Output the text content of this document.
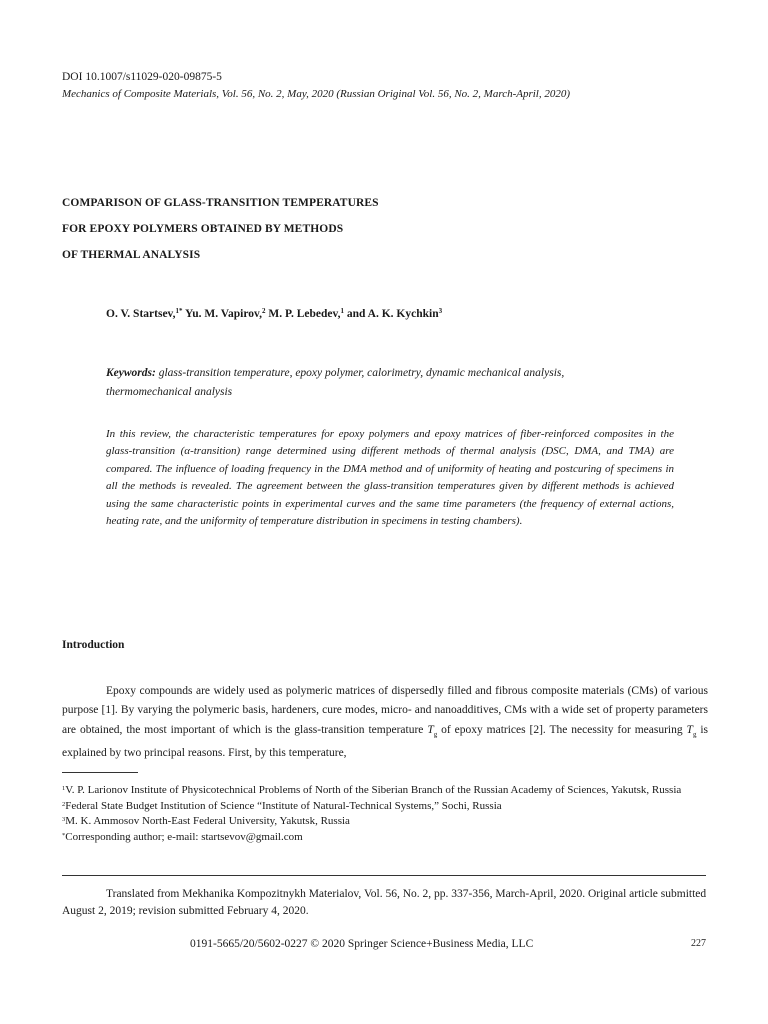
DOI 10.1007/s11029-020-09875-5
Mechanics of Composite Materials, Vol. 56, No. 2, May, 2020 (Russian Original Vol. 56, No. 2, March-April, 2020)
COMPARISON OF GLASS-TRANSITION TEMPERATURES
FOR EPOXY POLYMERS OBTAINED BY METHODS
OF THERMAL ANALYSIS
O. V. Startsev,$^{1*}$ Yu. M. Vapirov,$^2$ M. P. Lebedev,$^1$ and A. K. Kychkin$^3$
Keywords: glass-transition temperature, epoxy polymer, calorimetry, dynamic mechanical analysis, thermomechanical analysis
In this review, the characteristic temperatures for epoxy polymers and epoxy matrices of fiber-reinforced composites in the glass-transition (α-transition) range determined using different methods of thermal analysis (DSC, DMA, and TMA) are compared. The influence of loading frequency in the DMA method and of uniformity of heating and postcuring of specimens in all the methods is revealed. The agreement between the glass-transition temperatures given by different methods is achieved using the same characteristic points in experimental curves and the same time parameters (the frequency of external actions, heating rate, and the uniformity of temperature distribution in specimens in testing chambers).
Introduction

Epoxy compounds are widely used as polymeric matrices of dispersedly filled and fibrous composite materials (CMs) of various purpose [1]. By varying the polymeric basis, hardeners, cure modes, micro- and nanoadditives, CMs with a wide set of property parameters are obtained, the most important of which is the glass-transition temperature $T_g$ of epoxy matrices [2]. The necessity for measuring $T_g$ is explained by two principal reasons. First, by this temperature,

$^1$V. P. Larionov Institute of Physicotechnical Problems of North of the Siberian Branch of the Russian Academy of Sciences, Yakutsk, Russia
$^2$Federal State Budget Institution of Science “Institute of Natural-Technical Systems,” Sochi, Russia
$^3$M. K. Ammosov North-East Federal University, Yakutsk, Russia
*Corresponding author; e-mail: startsevov@gmail.com

Translated from Mekhanika Kompozitnykh Materialov, Vol. 56, No. 2, pp. 337-356, March-April, 2020. Original article submitted August 2, 2019; revision submitted February 4, 2020.

0191-5665/20/5602-0227 © 2020 Springer Science+Business Media, LLC	227
